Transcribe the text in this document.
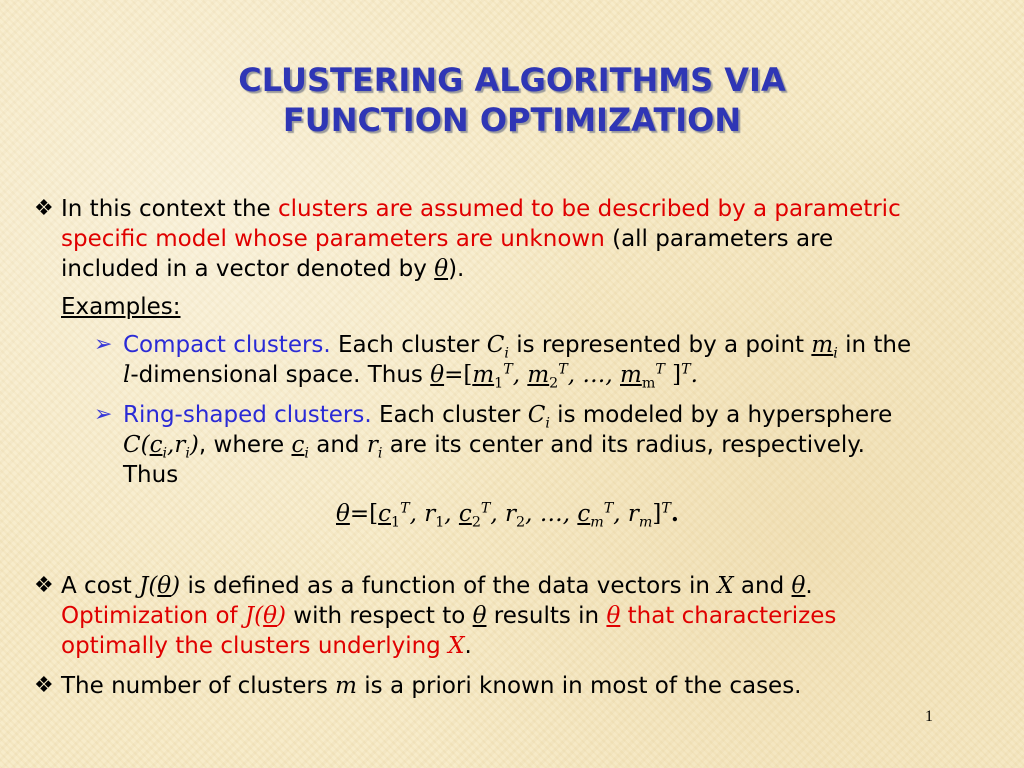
CLUSTERING ALGORITHMS VIA
FUNCTION OPTIMIZATION
❖ In this context the clusters are assumed to be described by a parametric
specific model whose parameters are unknown (all parameters are
included in a vector denoted by θ).
Examples:
➢ Compact clusters. Each cluster $C_i$ is represented by a point $m_i$ in the
l-dimensional space. Thus $\theta=[m_1^T$, $m_2^T$, …, $m_m^T$ ]$^T$.
➢ Ring-shaped clusters. Each cluster $C_i$ is modeled by a hypersphere
$C(c_i,r_i)$, where $c_i$ and $r_i$ are its center and its radius, respectively.
Thus
$\theta=[c_1^T$, $r_1$, $c_2^T$, $r_2$, …, $c_m^T$, $r_m]^T$.
❖ A cost J(θ) is defined as a function of the data vectors in X and θ.
Optimization of J(θ) with respect to θ results in θ that characterizes
optimally the clusters underlying X.
❖ The number of clusters m is a priori known in most of the cases.
1
